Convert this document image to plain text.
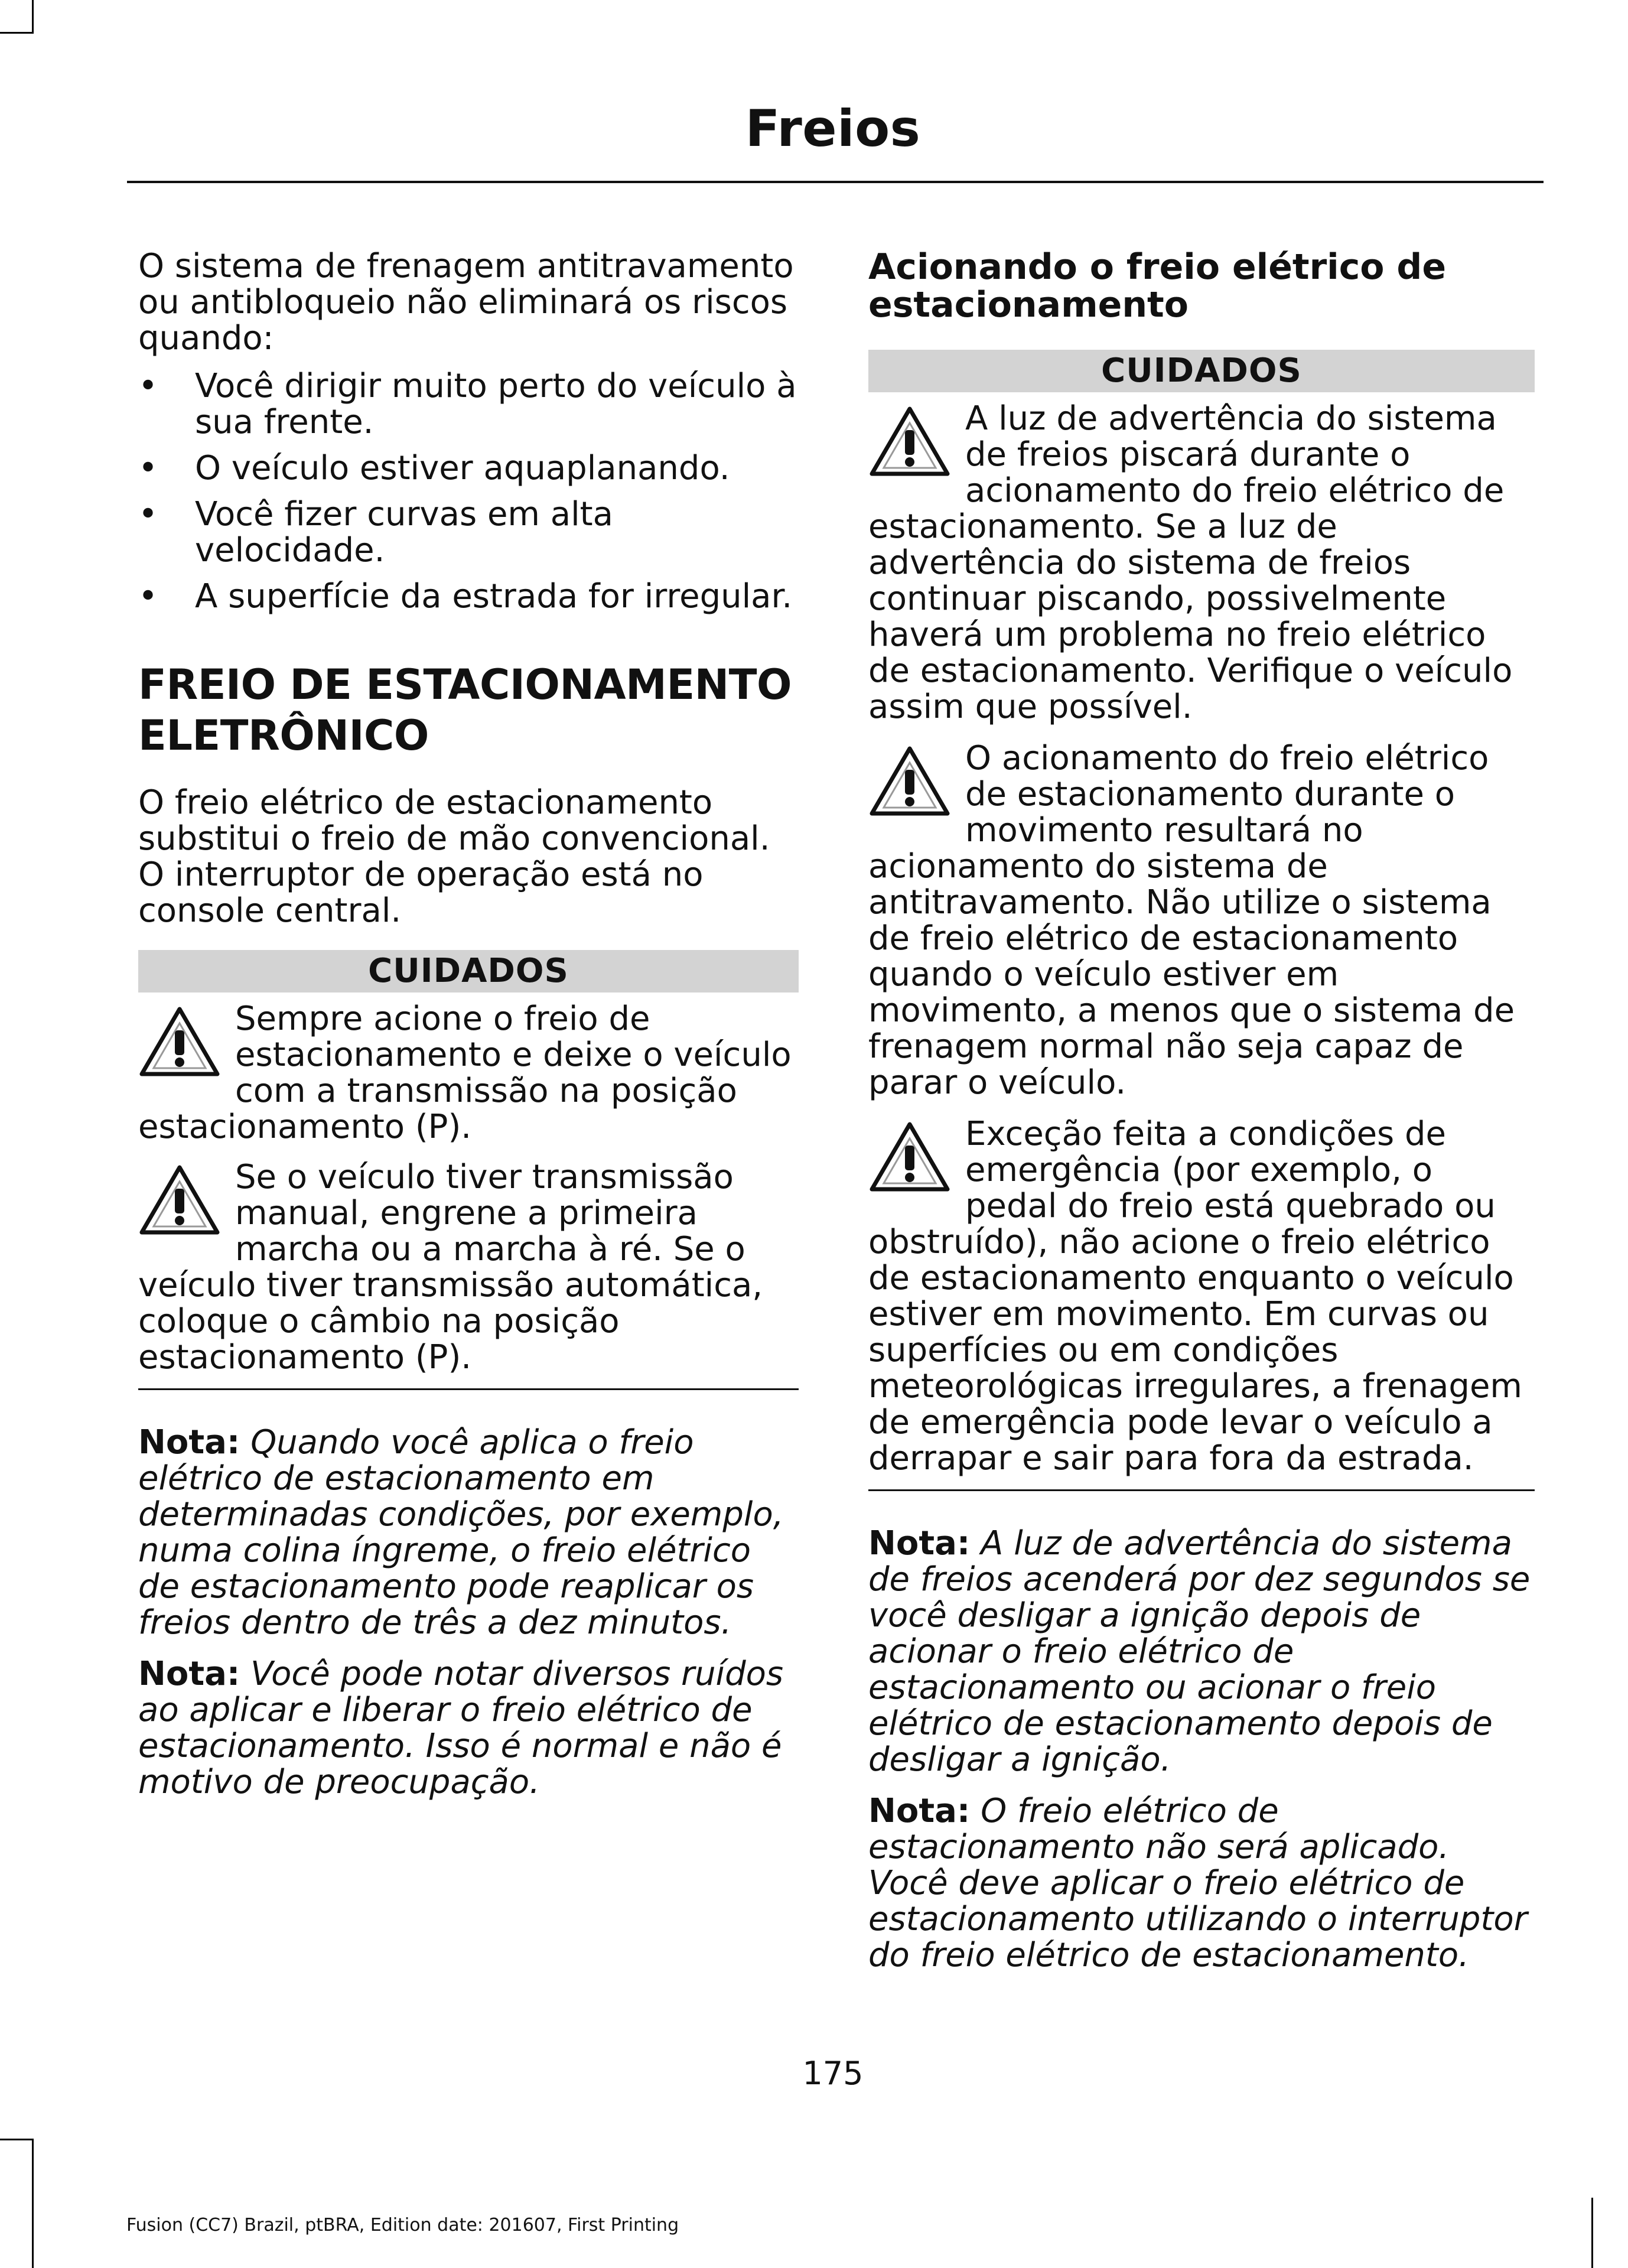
Freios

O sistema de frenagem antitravamento ou antibloqueio não eliminará os riscos quando:

• Você dirigir muito perto do veículo à sua frente.
• O veículo estiver aquaplanando.
• Você fizer curvas em alta velocidade.
• A superfície da estrada for irregular.
FREIO DE ESTACIONAMENTO ELETRÔNICO

O freio elétrico de estacionamento substitui o freio de mão convencional. O interruptor de operação está no console central.

CUIDADOS
Sempre acione o freio de estacionamento e deixe o veículo com a transmissão na posição estacionamento (P).
Se o veículo tiver transmissão manual, engrene a primeira marcha ou a marcha à ré. Se o veículo tiver transmissão automática, coloque o câmbio na posição estacionamento (P).

Nota: Quando você aplica o freio elétrico de estacionamento em determinadas condições, por exemplo, numa colina íngreme, o freio elétrico de estacionamento pode reaplicar os freios dentro de três a dez minutos.

Nota: Você pode notar diversos ruídos ao aplicar e liberar o freio elétrico de estacionamento. Isso é normal e não é motivo de preocupação.

Acionando o freio elétrico de estacionamento
CUIDADOS
A luz de advertência do sistema de freios piscará durante o acionamento do freio elétrico de estacionamento. Se a luz de advertência do sistema de freios continuar piscando, possivelmente haverá um problema no freio elétrico de estacionamento. Verifique o veículo assim que possível.
O acionamento do freio elétrico de estacionamento durante o movimento resultará no acionamento do sistema de antitravamento. Não utilize o sistema de freio elétrico de estacionamento quando o veículo estiver em movimento, a menos que o sistema de frenagem normal não seja capaz de parar o veículo.
Exceção feita a condições de emergência (por exemplo, o pedal do freio está quebrado ou obstruído), não acione o freio elétrico de estacionamento enquanto o veículo estiver em movimento. Em curvas ou superfícies ou em condições meteorológicas irregulares, a frenagem de emergência pode levar o veículo a derrapar e sair para fora da estrada.

Nota: A luz de advertência do sistema de freios acenderá por dez segundos se você desligar a ignição depois de acionar o freio elétrico de estacionamento ou acionar o freio elétrico de estacionamento depois de desligar a ignição.

Nota: O freio elétrico de estacionamento não será aplicado. Você deve aplicar o freio elétrico de estacionamento utilizando o interruptor do freio elétrico de estacionamento.

175
Fusion (CC7) Brazil, ptBRA, Edition date: 201607, First Printing
